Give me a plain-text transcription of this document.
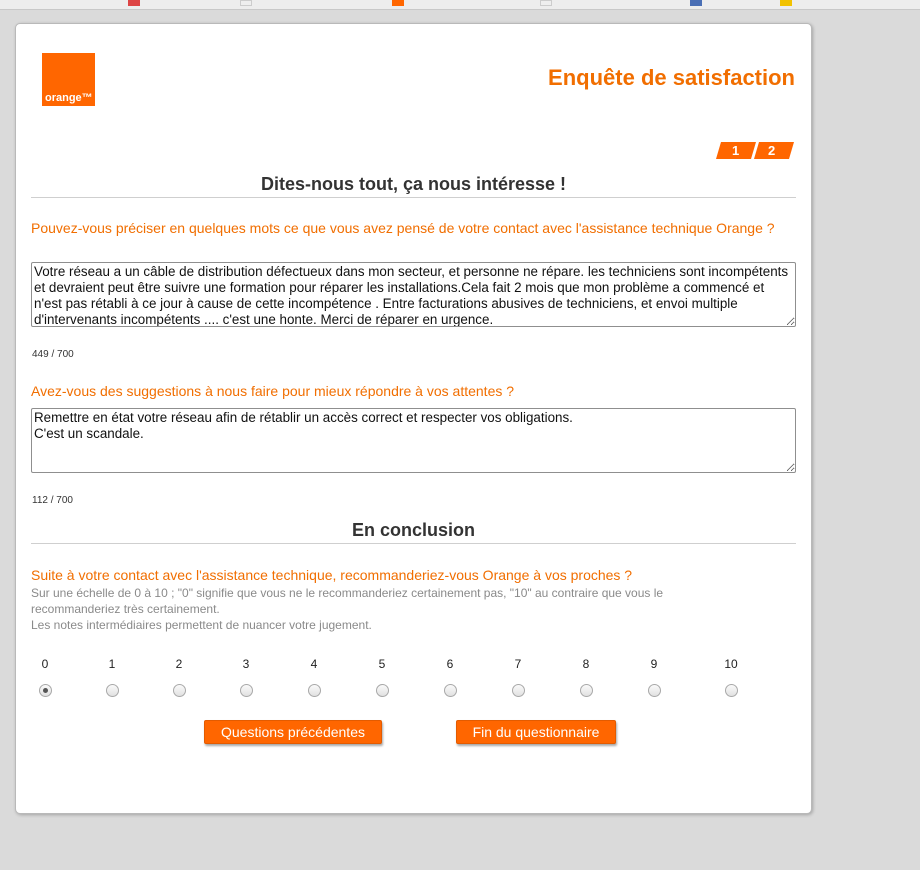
orange™
Enquête de satisfaction
1 2
Dites-nous tout, ça nous intéresse !
Pouvez-vous préciser en quelques mots ce que vous avez pensé de votre contact avec l'assistance technique Orange ?
Votre réseau a un câble de distribution défectueux dans mon secteur, et personne ne répare. les techniciens sont incompétents et devraient peut être suivre une formation pour réparer les installations.Cela fait 2 mois que mon problème a commencé et n'est pas rétabli à ce jour à cause de cette incompétence . Entre facturations abusives de techniciens, et envoi multiple d'intervenants incompétents .... c'est une honte. Merci de réparer en urgence.
449 / 700
Avez-vous des suggestions à nous faire pour mieux répondre à vos attentes ?
Remettre en état votre réseau afin de rétablir un accès correct et respecter vos obligations. C'est un scandale.
112 / 700
En conclusion
Suite à votre contact avec l'assistance technique, recommanderiez-vous Orange à vos proches ?
Sur une échelle de 0 à 10 ; "0" signifie que vous ne le recommanderiez certainement pas, "10" au contraire que vous le recommanderiez très certainement.
Les notes intermédiaires permettent de nuancer votre jugement.
0	1	2	3	4	5	6	7	8	9	10
Questions précédentes	Fin du questionnaire
